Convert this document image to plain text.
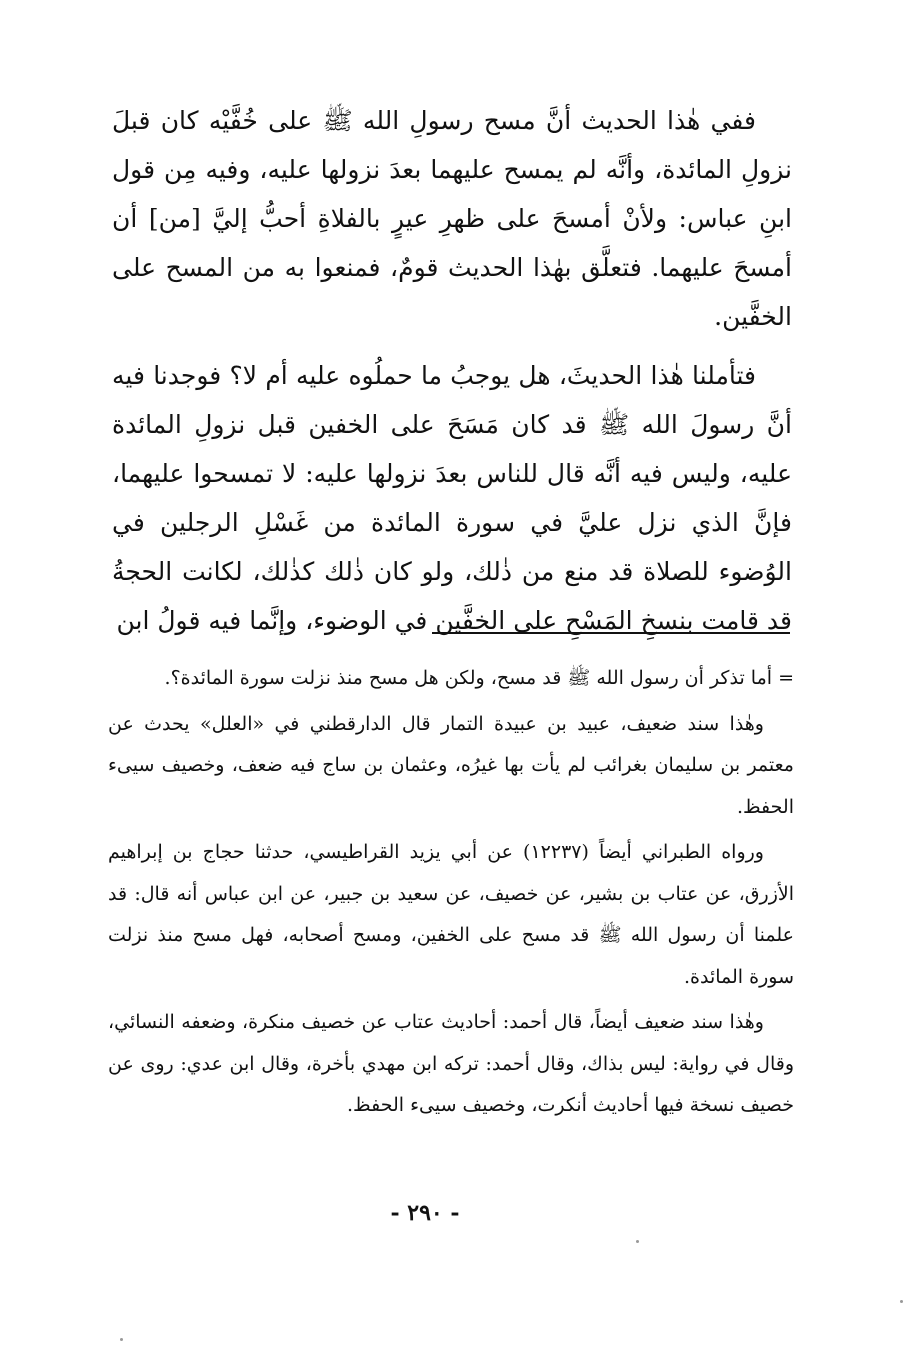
ففي هٰذا الحديث أنَّ مسح رسولِ الله ﷺ على خُفَّيْه كان قبلَ نزولِ المائدة، وأنَّه لم يمسح عليهما بعدَ نزولها عليه، وفيه مِن قول ابنِ عباس: ولأنْ أمسحَ على ظهرِ عيرٍ بالفلاةِ أحبُّ إليَّ [من] أن أمسحَ عليهما. فتعلَّق بهٰذا الحديث قومٌ، فمنعوا به من المسح على الخفَّين.

فتأملنا هٰذا الحديثَ، هل يوجبُ ما حملُوه عليه أم لا؟ فوجدنا فيه أنَّ رسولَ الله ﷺ قد كان مَسَحَ على الخفين قبل نزولِ المائدة عليه، وليس فيه أنَّه قال للناس بعدَ نزولها عليه: لا تمسحوا عليهما، فإنَّ الذي نزل عليَّ في سورة المائدة من غَسْلِ الرجلين في الوُضوء للصلاة قد منع من ذٰلك، ولو كان ذٰلك كذٰلك، لكانت الحجةُ قد قامت بنسخِ المَسْحِ على الخفَّين في الوضوء، وإنَّما فيه قولُ ابن

= أما تذكر أن رسول الله ﷺ قد مسح، ولكن هل مسح منذ نزلت سورة المائدة؟.

وهٰذا سند ضعيف، عبيد بن عبيدة التمار قال الدارقطني في «العلل» يحدث عن معتمر بن سليمان بغرائب لم يأت بها غيرُه، وعثمان بن ساج فيه ضعف، وخصيف سيىء الحفظ.

ورواه الطبراني أيضاً (١٢٢٣٧) عن أبي يزيد القراطيسي، حدثنا حجاج بن إبراهيم الأزرق، عن عتاب بن بشير، عن خصيف، عن سعيد بن جبير، عن ابن عباس أنه قال: قد علمنا أن رسول الله ﷺ قد مسح على الخفين، ومسح أصحابه، فهل مسح منذ نزلت سورة المائدة.

وهٰذا سند ضعيف أيضاً، قال أحمد: أحاديث عتاب عن خصيف منكرة، وضعفه النسائي، وقال في رواية: ليس بذاك، وقال أحمد: تركه ابن مهدي بأخرة، وقال ابن عدي: روى عن خصيف نسخة فيها أحاديث أنكرت، وخصيف سيىء الحفظ.

- ٢٩٠ -
